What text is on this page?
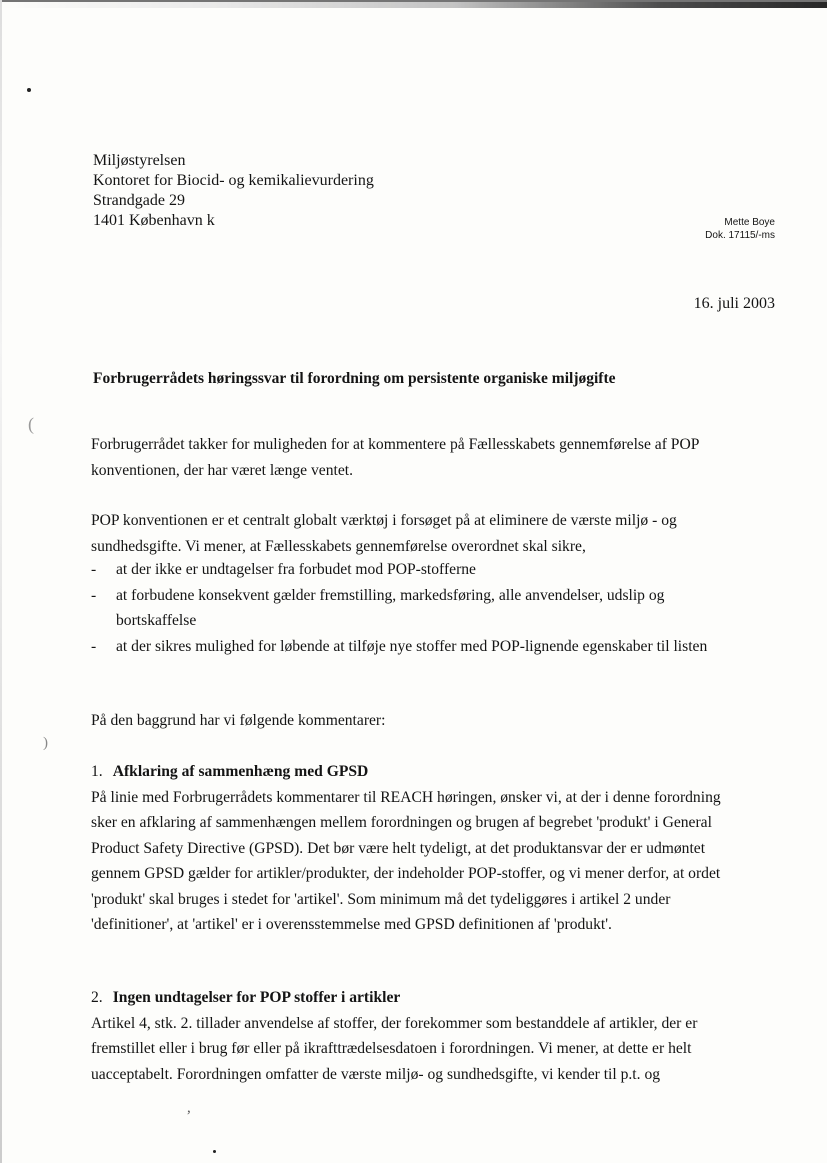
,
(
)
Miljøstyrelsen
Kontoret for Biocid- og kemikalievurdering
Strandgade 29
1401 København k	Mette Boye
Dok. 17115/-ms
16. juli 2003
Forbrugerrådets høringssvar til forordning om persistente organiske miljøgifte

Forbrugerrådet takker for muligheden for at kommentere på Fællesskabets gennemførelse af POP konventionen, der har været længe ventet.

POP konventionen er et centralt globalt værktøj i forsøget på at eliminere de værste miljø - og sundhedsgifte. Vi mener, at Fællesskabets gennemførelse overordnet skal sikre,

- at der ikke er undtagelser fra forbudet mod POP-stofferne
- at forbudene konsekvent gælder fremstilling, markedsføring, alle anvendelser, udslip og bortskaffelse
- at der sikres mulighed for løbende at tilføje nye stoffer med POP-lignende egenskaber til listen

På den baggrund har vi følgende kommentarer:

1. Afklaring af sammenhæng med GPSD

På linie med Forbrugerrådets kommentarer til REACH høringen, ønsker vi, at der i denne forordning sker en afklaring af sammenhængen mellem forordningen og brugen af begrebet 'produkt' i General Product Safety Directive (GPSD). Det bør være helt tydeligt, at det produktansvar der er udmøntet gennem GPSD gælder for artikler/produkter, der indeholder POP-stoffer, og vi mener derfor, at ordet 'produkt' skal bruges i stedet for 'artikel'. Som minimum må det tydeliggøres i artikel 2 under 'definitioner', at 'artikel' er i overensstemmelse med GPSD definitionen af 'produkt'.

2. Ingen undtagelser for POP stoffer i artikler

Artikel 4, stk. 2. tillader anvendelse af stoffer, der forekommer som bestanddele af artikler, der er fremstillet eller i brug før eller på ikrafttrædelsesdatoen i forordningen. Vi mener, at dette er helt uacceptabelt. Forordningen omfatter de værste miljø- og sundhedsgifte, vi kender til p.t. og
